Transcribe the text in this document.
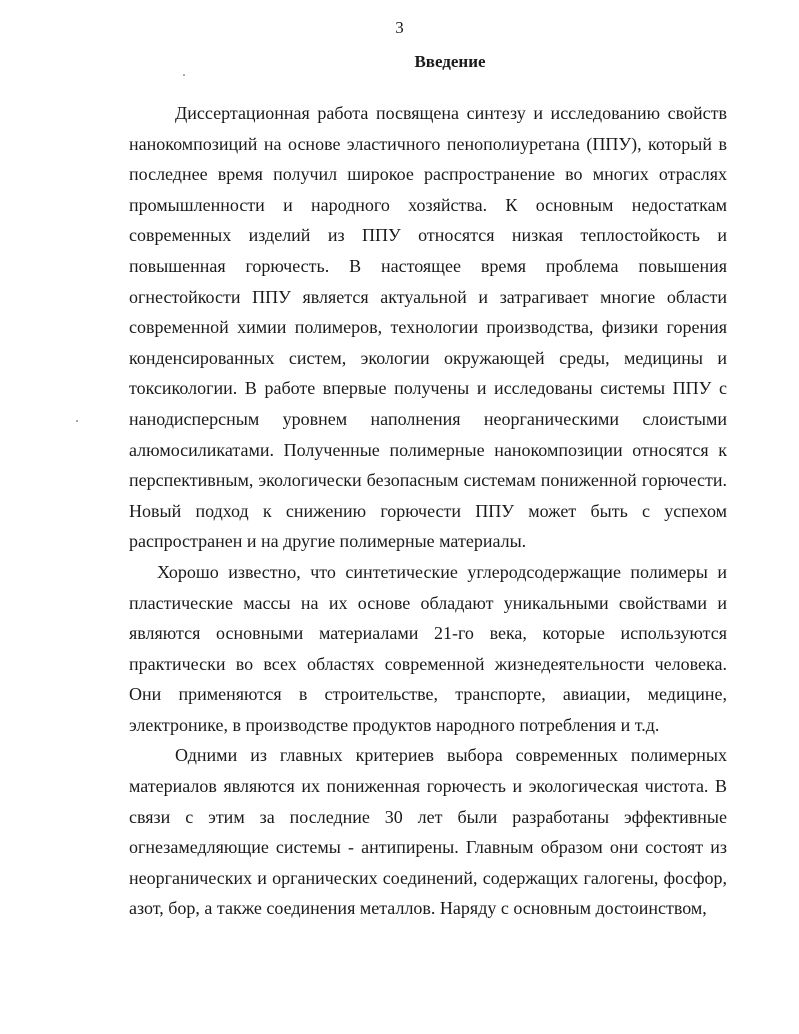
3
Введение

Диссертационная работа посвящена синтезу и исследованию свойств нанокомпозиций на основе эластичного пенополиуретана (ППУ), который в последнее время получил широкое распространение во многих отраслях промышленности и народного хозяйства. К основным недостаткам современных изделий из ППУ относятся низкая теплостойкость и повышенная горючесть. В настоящее время проблема повышения огнестойкости ППУ является актуальной и затрагивает многие области современной химии полимеров, технологии производства, физики горения конденсированных систем, экологии окружающей среды, медицины и токсикологии. В работе впервые получены и исследованы системы ППУ с нанодисперсным уровнем наполнения неорганическими слоистыми алюмосиликатами. Полученные полимерные нанокомпозиции относятся к перспективным, экологически безопасным системам пониженной горючести. Новый подход к снижению горючести ППУ может быть с успехом распространен и на другие полимерные материалы.

Хорошо известно, что синтетические углеродсодержащие полимеры и пластические массы на их основе обладают уникальными свойствами и являются основными материалами 21-го века, которые используются практически во всех областях современной жизнедеятельности человека. Они применяются в строительстве, транспорте, авиации, медицине, электронике, в производстве продуктов народного потребления и т.д.

Одними из главных критериев выбора современных полимерных материалов являются их пониженная горючесть и экологическая чистота. В связи с этим за последние 30 лет были разработаны эффективные огнезамедляющие системы - антипирены. Главным образом они состоят из неорганических и органических соединений, содержащих галогены, фосфор, азот, бор, а также соединения металлов. Наряду с основным достоинством,
